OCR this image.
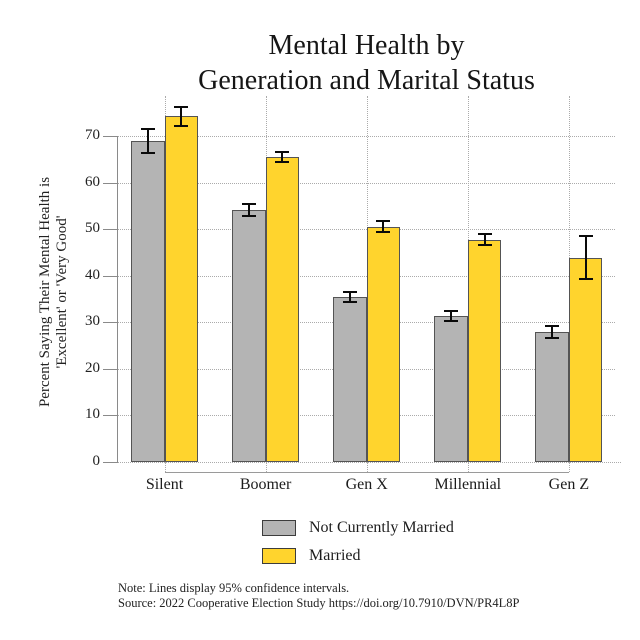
Mental Health by
Generation and Marital Status
Percent Saying Their Mental Health is 'Excellent' or 'Very Good'
0
10
20
30
40
50
60
70
Silent	Boomer	Gen X	Millennial	Gen Z
Not Currently Married
Married
Note: Lines display 95% confidence intervals.
Source: 2022 Cooperative Election Study https://doi.org/10.7910/DVN/PR4L8P
